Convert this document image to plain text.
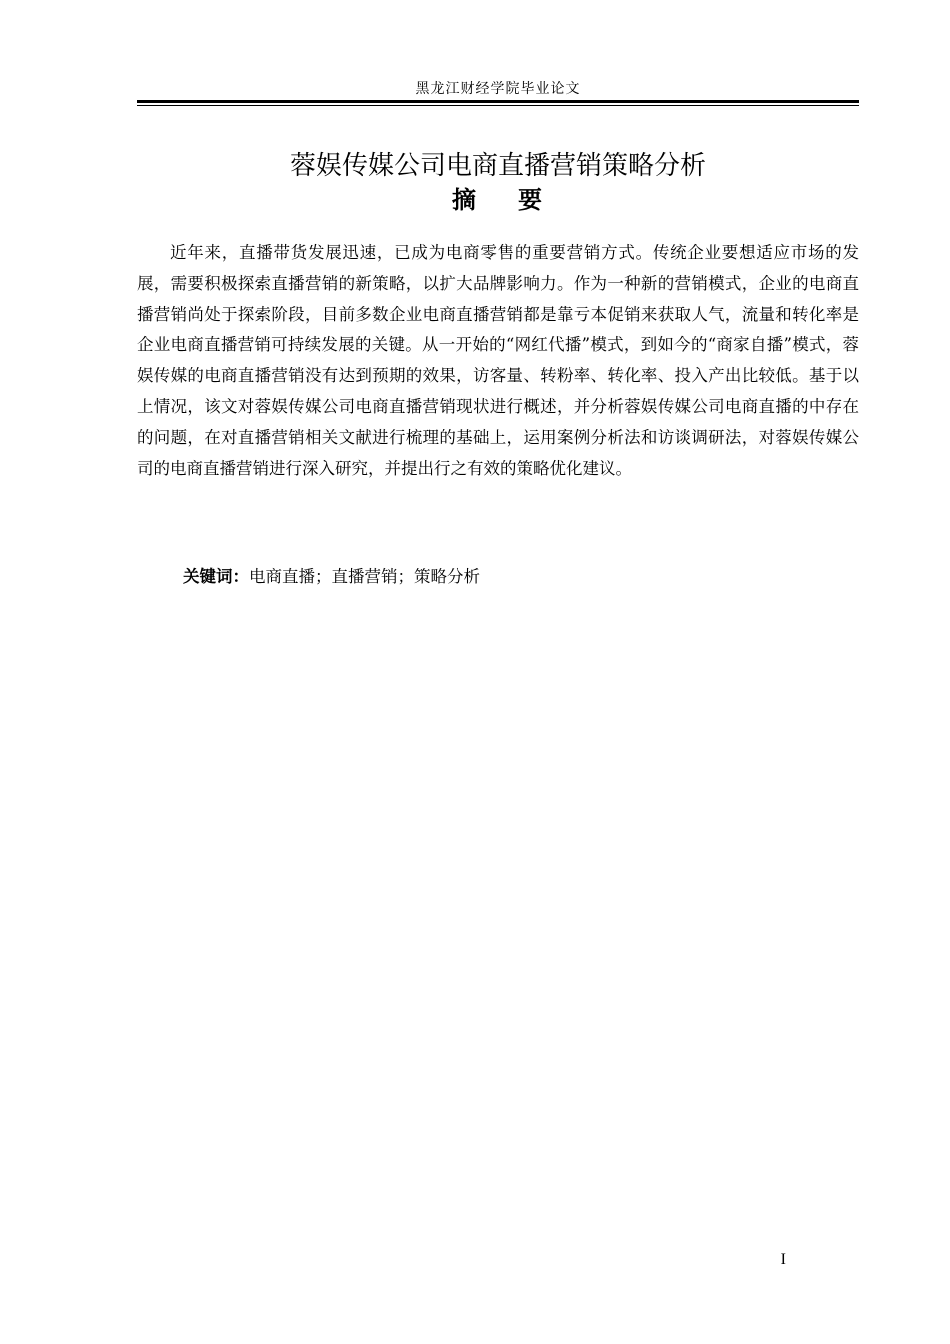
黑龙江财经学院毕业论文
蓉娱传媒公司电商直播营销策略分析
摘 要

近年来，直播带货发展迅速，已成为电商零售的重要营销方式。传统企业要想适应市场的发展，需要积极探索直播营销的新策略，以扩大品牌影响力。作为一种新的营销模式，企业的电商直播营销尚处于探索阶段，目前多数企业电商直播营销都是靠亏本促销来获取人气，流量和转化率是企业电商直播营销可持续发展的关键。从一开始的“网红代播”模式，到如今的“商家自播”模式，蓉娱传媒的电商直播营销没有达到预期的效果，访客量、转粉率、转化率、投入产出比较低。基于以上情况，该文对蓉娱传媒公司电商直播营销现状进行概述，并分析蓉娱传媒公司电商直播的中存在的问题，在对直播营销相关文献进行梳理的基础上，运用案例分析法和访谈调研法，对蓉娱传媒公司的电商直播营销进行深入研究，并提出行之有效的策略优化建议。

关键词：电商直播；直播营销；策略分析
I
